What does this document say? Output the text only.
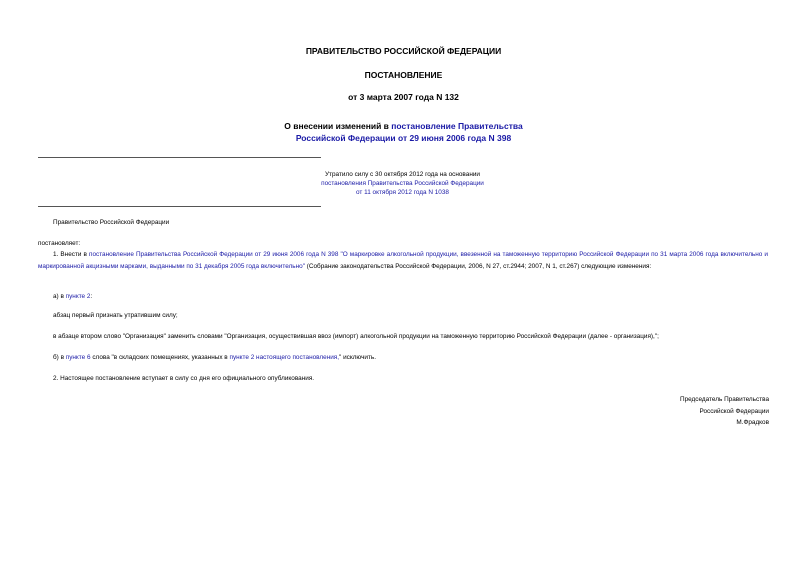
ПРАВИТЕЛЬСТВО РОССИЙСКОЙ ФЕДЕРАЦИИ
ПОСТАНОВЛЕНИЕ
от 3 марта 2007 года N 132
О внесении изменений в постановление Правительства
Российской Федерации от 29 июня 2006 года N 398
Утратило силу с 30 октября 2012 года на основании
постановления Правительства Российской Федерации
от 11 октября 2012 года N 1038
Правительство Российской Федерации
постановляет:
1. Внести в постановление Правительства Российской Федерации от 29 июня 2006 года N 398 "О маркировке алкогольной продукции, ввезенной на таможенную территорию Российской Федерации по 31 марта 2006 года включительно и маркированной акцизными марками, выданными по 31 декабря 2005 года включительно" (Собрание законодательства Российской Федерации, 2006, N 27, ст.2944; 2007, N 1, ст.267) следующие изменения:
а) в пункте 2:
абзац первый признать утратившим силу;
в абзаце втором слово "Организация" заменить словами "Организация, осуществившая ввоз (импорт) алкогольной продукции на таможенную территорию Российской Федерации (далее - организация),";
б) в пункте 6 слова "в складских помещениях, указанных в пункте 2 настоящего постановления," исключить.
2. Настоящее постановление вступает в силу со дня его официального опубликования.
Председатель Правительства
Российской Федерации
М.Фрадков
